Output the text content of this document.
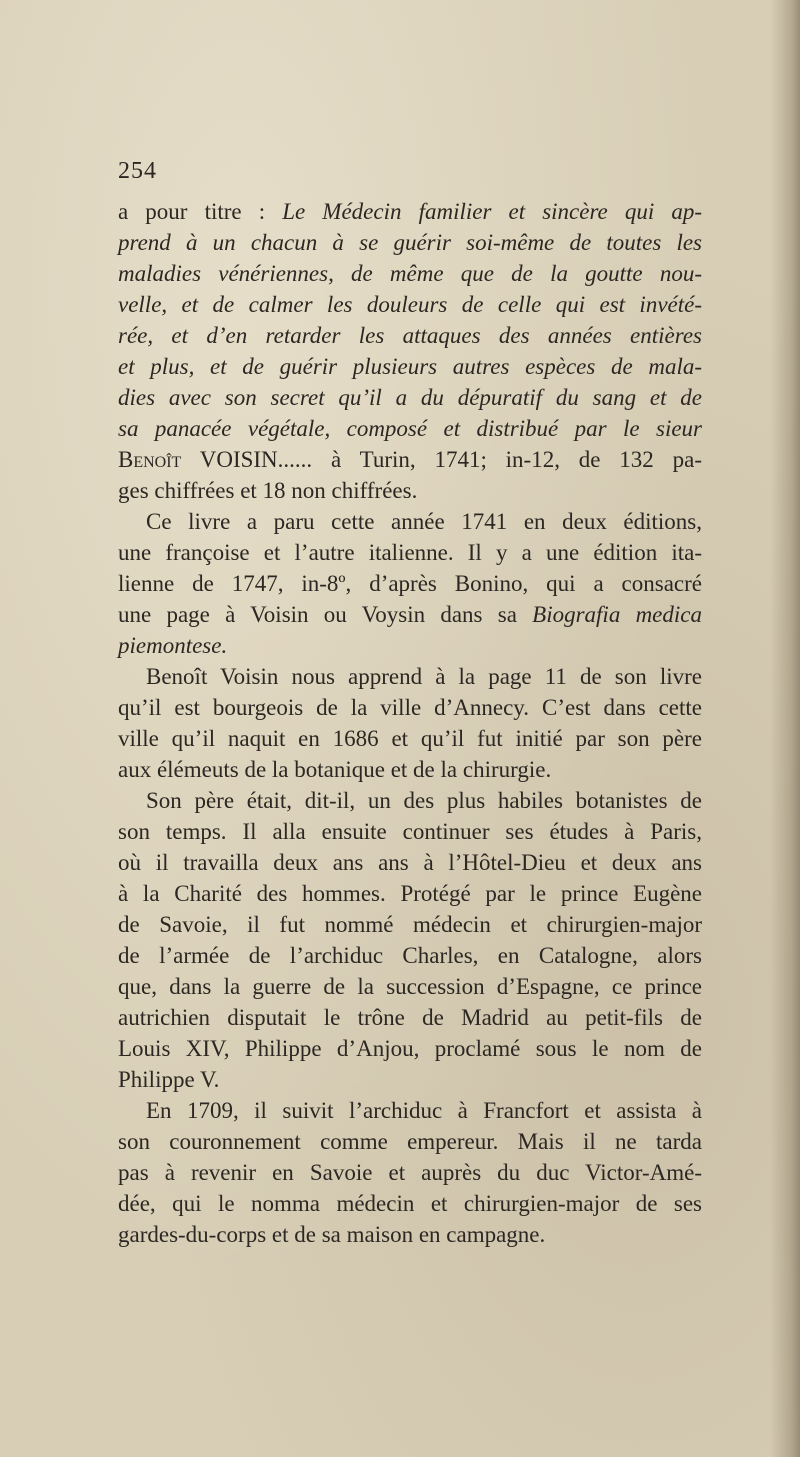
254
a pour titre : Le Médecin familier et sincère qui ap-
prend à un chacun à se guérir soi-même de toutes les
maladies vénériennes, de même que de la goutte nou-
velle, et de calmer les douleurs de celle qui est invété-
rée, et d’en retarder les attaques des années entières
et plus, et de guérir plusieurs autres espèces de mala-
dies avec son secret qu’il a du dépuratif du sang et de
sa panacée végétale, composé et distribué par le sieur
Benoît VOISIN...... à Turin, 1741; in-12, de 132 pa-
ges chiffrées et 18 non chiffrées.
Ce livre a paru cette année 1741 en deux éditions,
une françoise et l’autre italienne. Il y a une édition ita-
lienne de 1747, in-8º, d’après Bonino, qui a consacré
une page à Voisin ou Voysin dans sa Biografia medica
piemontese.
Benoît Voisin nous apprend à la page 11 de son livre
qu’il est bourgeois de la ville d’Annecy. C’est dans cette
ville qu’il naquit en 1686 et qu’il fut initié par son père
aux élémeuts de la botanique et de la chirurgie.
Son père était, dit-il, un des plus habiles botanistes de
son temps. Il alla ensuite continuer ses études à Paris,
où il travailla deux ans ans à l’Hôtel-Dieu et deux ans
à la Charité des hommes. Protégé par le prince Eugène
de Savoie, il fut nommé médecin et chirurgien-major
de l’armée de l’archiduc Charles, en Catalogne, alors
que, dans la guerre de la succession d’Espagne, ce prince
autrichien disputait le trône de Madrid au petit-fils de
Louis XIV, Philippe d’Anjou, proclamé sous le nom de
Philippe V.
En 1709, il suivit l’archiduc à Francfort et assista à
son couronnement comme empereur. Mais il ne tarda
pas à revenir en Savoie et auprès du duc Victor-Amé-
dée, qui le nomma médecin et chirurgien-major de ses
gardes-du-corps et de sa maison en campagne.
